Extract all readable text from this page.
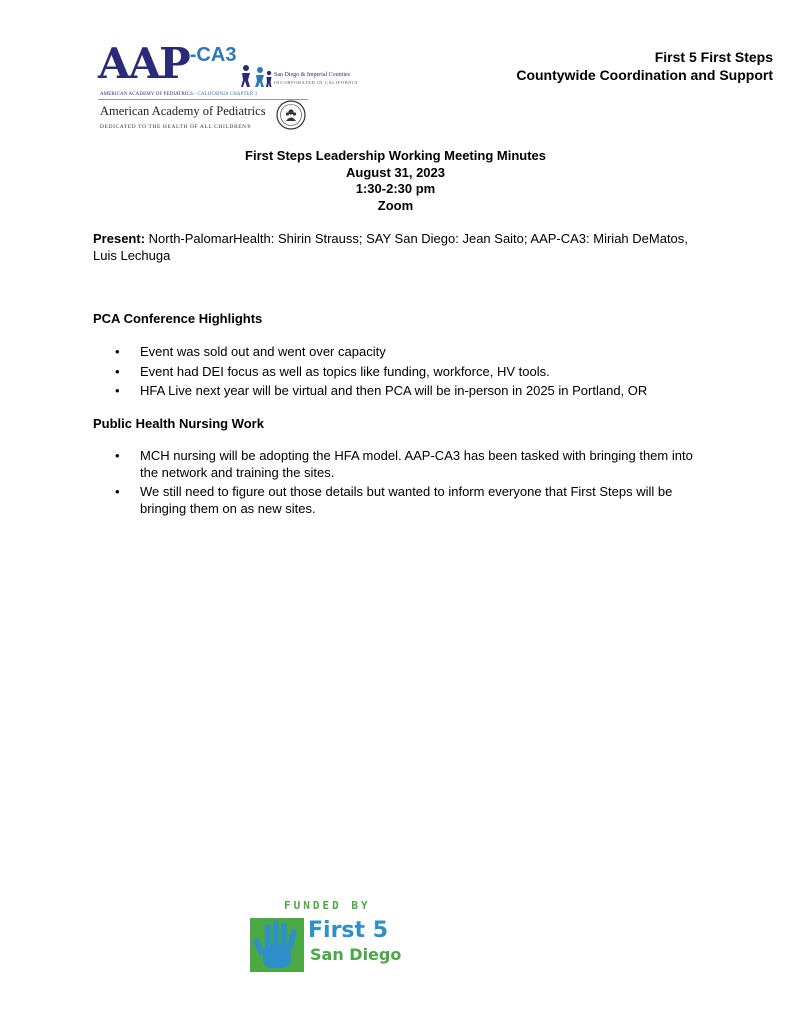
AAP -CA3
San Diego & Imperial Counties
INCORPORATED IN CALIFORNIA
AMERICAN ACADEMY OF PEDIATRICS - CALIFORNIA CHAPTER 3
American Academy of Pediatrics
DEDICATED TO THE HEALTH OF ALL CHILDREN®
First 5 First Steps
Countywide Coordination and Support
First Steps Leadership Working Meeting Minutes
August 31, 2023
1:30-2:30 pm
Zoom
Present: North-PalomarHealth: Shirin Strauss; SAY San Diego: Jean Saito; AAP-CA3: Miriah DeMatos, Luis Lechuga
PCA Conference Highlights
• Event was sold out and went over capacity
• Event had DEI focus as well as topics like funding, workforce, HV tools.
• HFA Live next year will be virtual and then PCA will be in-person in 2025 in Portland, OR
Public Health Nursing Work
• MCH nursing will be adopting the HFA model. AAP-CA3 has been tasked with bringing them into the network and training the sites.
• We still need to figure out those details but wanted to inform everyone that First Steps will be bringing them on as new sites.
FUNDED BY
First 5
San Diego
